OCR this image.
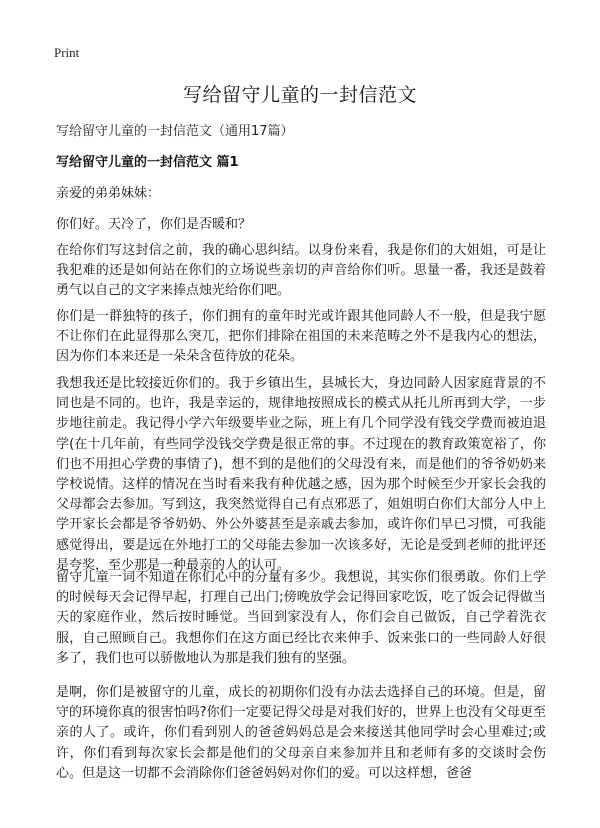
Print
写给留守儿童的一封信范文
写给留守儿童的一封信范文（通用17篇）
写给留守儿童的一封信范文 篇1
亲爱的弟弟妹妹：
你们好。天冷了，你们是否暖和？

在给你们写这封信之前，我的确心思纠结。以身份来看，我是你们的大姐姐，可是让我犯难的还是如何站在你们的立场说些亲切的声音给你们听。思量一番，我还是鼓着勇气以自己的文字来捧点烛光给你们吧。

你们是一群独特的孩子，你们拥有的童年时光或许跟其他同龄人不一般，但是我宁愿不让你们在此显得那么突兀，把你们排除在祖国的未来范畴之外不是我内心的想法，因为你们本来还是一朵朵含苞待放的花朵。

我想我还是比较接近你们的。我于乡镇出生，县城长大，身边同龄人因家庭背景的不同也是不同的。也许，我是幸运的，规律地按照成长的模式从托儿所再到大学，一步步地往前走。我记得小学六年级要毕业之际，班上有几个同学没有钱交学费而被迫退学(在十几年前，有些同学没钱交学费是很正常的事。不过现在的教育政策宽裕了，你们也不用担心学费的事情了)，想不到的是他们的父母没有来，而是他们的爷爷奶奶来学校说情。这样的情况在当时看来我有种优越之感，因为那个时候至少开家长会我的父母都会去参加。写到这，我突然觉得自己有点邪恶了，姐姐明白你们大部分人中上学开家长会都是爷爷奶奶、外公外婆甚至是亲戚去参加，或许你们早已习惯，可我能感觉得出，要是远在外地打工的父母能去参加一次该多好，无论是受到老师的批评还是夸奖，至少那是一种最亲的人的认可。

留守儿童一词不知道在你们心中的分量有多少。我想说，其实你们很勇敢。你们上学的时候每天会记得早起，打理自己出门;傍晚放学会记得回家吃饭，吃了饭会记得做当天的家庭作业，然后按时睡觉。当回到家没有人，你们会自己做饭，自己学着洗衣服，自己照顾自己。我想你们在这方面已经比衣来伸手、饭来张口的一些同龄人好很多了，我们也可以骄傲地认为那是我们独有的坚强。

是啊，你们是被留守的儿童，成长的初期你们没有办法去选择自己的环境。但是，留守的环境你真的很害怕吗?你们一定要记得父母是对我们好的，世界上也没有父母更至亲的人了。或许，你们看到别人的爸爸妈妈总是会来接送其他同学时会心里难过;或许，你们看到每次家长会都是他们的父母亲自来参加并且和老师有多的交谈时会伤心。但是这一切都不会消除你们爸爸妈妈对你们的爱。可以这样想，爸爸
